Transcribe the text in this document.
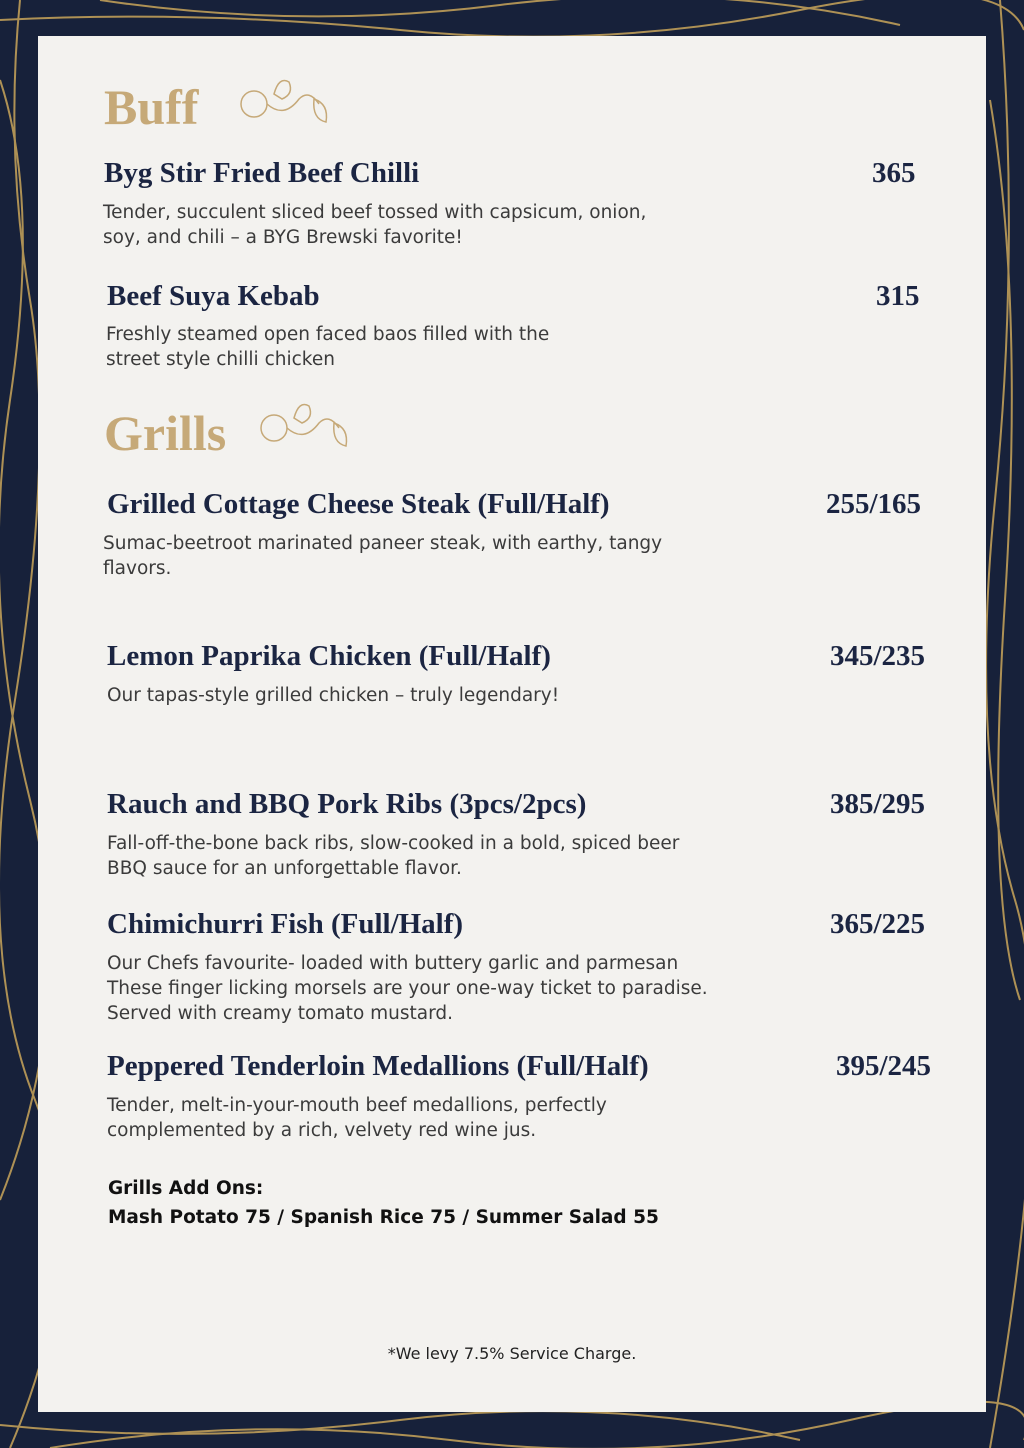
Buff
Byg Stir Fried Beef Chilli	365
Tender, succulent sliced beef tossed with capsicum, onion,
soy, and chili – a BYG Brewski favorite!
Beef Suya Kebab	315
Freshly steamed open faced baos filled with the
street style chilli chicken
Grills
Grilled Cottage Cheese Steak (Full/Half)	255/165
Sumac-beetroot marinated paneer steak, with earthy, tangy
flavors.
Lemon Paprika Chicken (Full/Half)	345/235
Our tapas-style grilled chicken – truly legendary!
Rauch and BBQ Pork Ribs (3pcs/2pcs)	385/295
Fall-off-the-bone back ribs, slow-cooked in a bold, spiced beer
BBQ sauce for an unforgettable flavor.
Chimichurri Fish (Full/Half)	365/225
Our Chefs favourite- loaded with buttery garlic and parmesan
These finger licking morsels are your one-way ticket to paradise.
Served with creamy tomato mustard.
Peppered Tenderloin Medallions (Full/Half)	395/245
Tender, melt-in-your-mouth beef medallions, perfectly
complemented by a rich, velvety red wine jus.
Grills Add Ons:
Mash Potato 75 / Spanish Rice 75 / Summer Salad 55
*We levy 7.5% Service Charge.
